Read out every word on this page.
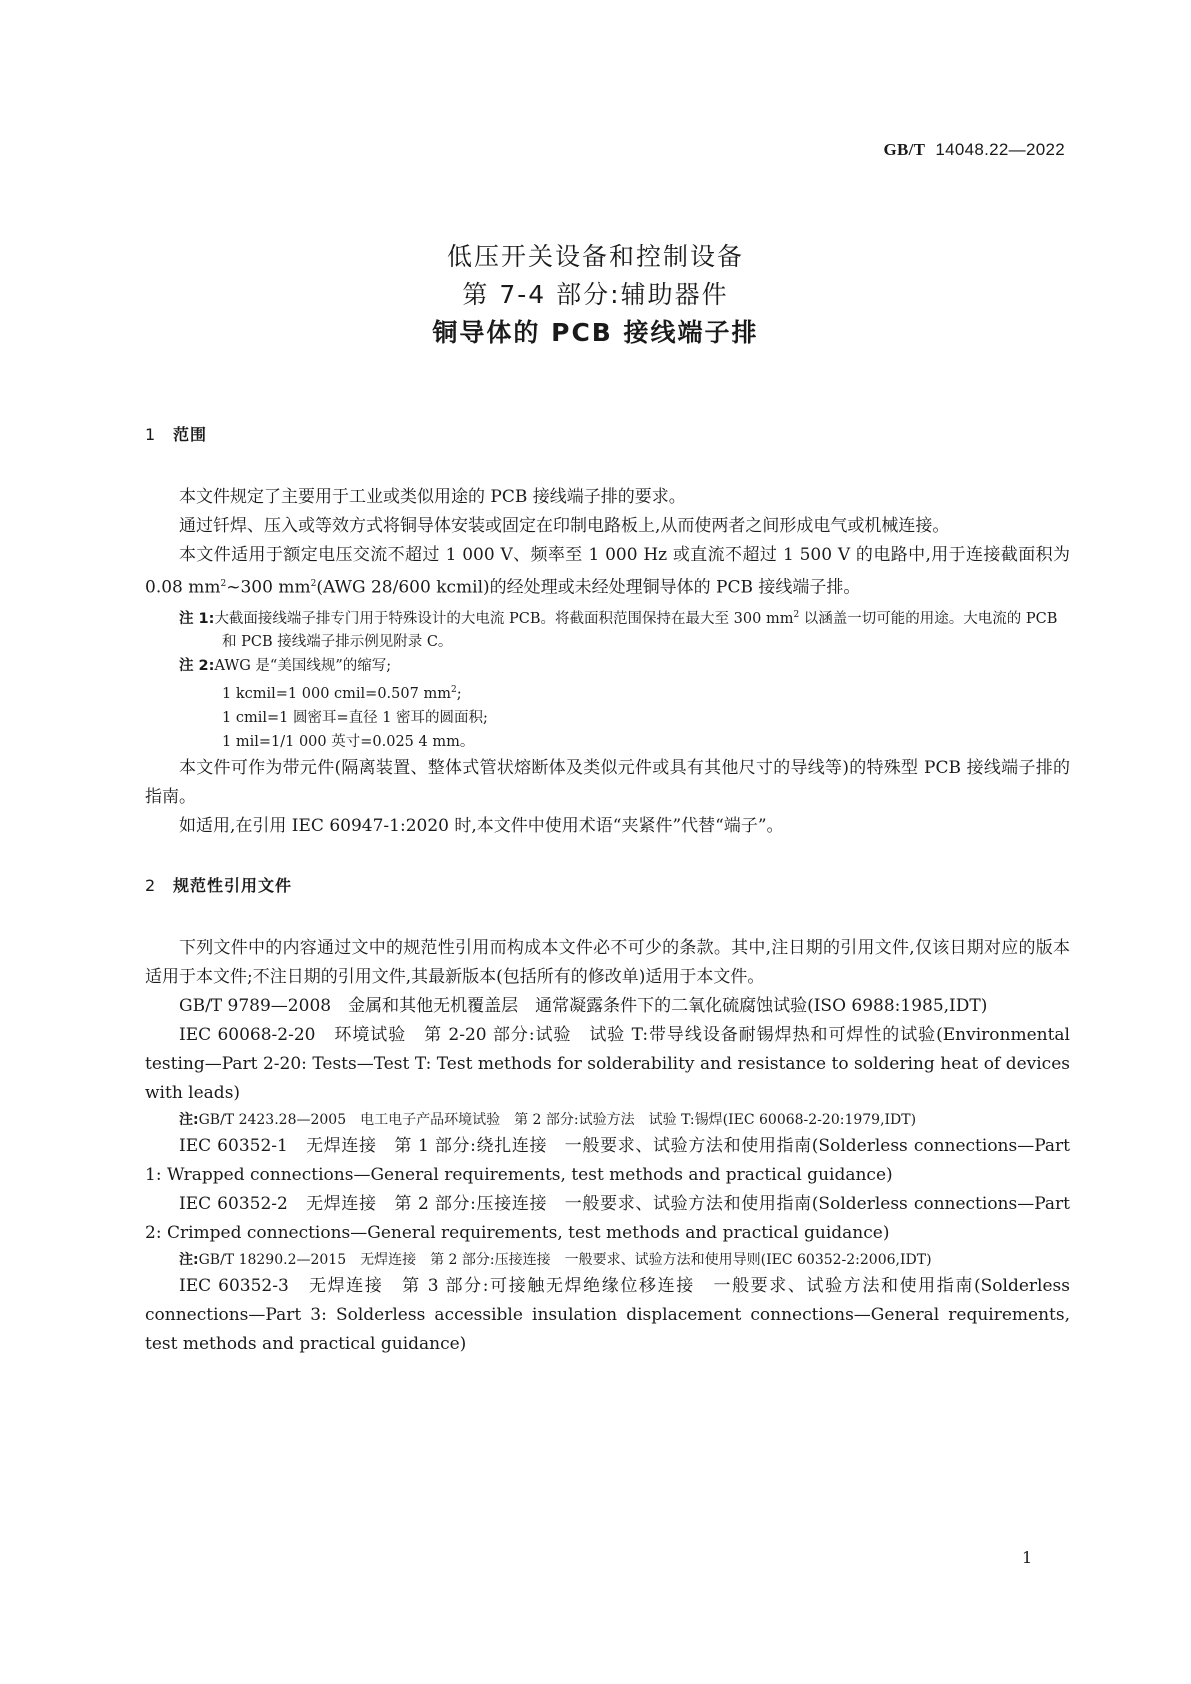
GB/T 14048.22—2022
低压开关设备和控制设备
第 7-4 部分:辅助器件
铜导体的 PCB 接线端子排
1 范围

本文件规定了主要用于工业或类似用途的 PCB 接线端子排的要求。

通过钎焊、压入或等效方式将铜导体安装或固定在印制电路板上,从而使两者之间形成电气或机械连接。

本文件适用于额定电压交流不超过 1 000 V、频率至 1 000 Hz 或直流不超过 1 500 V 的电路中,用于连接截面积为 0.08 $mm^2\sim 300$ $mm^2(AWG$ 28/600 kcmil)的经处理或未经处理铜导体的 PCB 接线端子排。

注 1:大截面接线端子排专门用于特殊设计的大电流 PCB。将截面积范围保持在最大至 300 $mm^2$ 以涵盖一切可能的用途。大电流的 PCB 和 PCB 接线端子排示例见附录 C。
注 2:AWG 是“美国线规”的缩写;
1 kcmil=1 000 cmil=0.507 $mm^2$;
1 cmil=1 圆密耳=直径 1 密耳的圆面积;
1 mil=1/1 000 英寸=0.025 4 mm。

本文件可作为带元件(隔离装置、整体式管状熔断体及类似元件或具有其他尺寸的导线等)的特殊型 PCB 接线端子排的指南。

如适用,在引用 IEC 60947-1:2020 时,本文件中使用术语“夹紧件”代替“端子”。

2 规范性引用文件

下列文件中的内容通过文中的规范性引用而构成本文件必不可少的条款。其中,注日期的引用文件,仅该日期对应的版本适用于本文件;不注日期的引用文件,其最新版本(包括所有的修改单)适用于本文件。

GB/T 9789—2008　金属和其他无机覆盖层　通常凝露条件下的二氧化硫腐蚀试验(ISO 6988:1985,IDT)

IEC 60068-2-20　环境试验　第 2-20 部分:试验　试验 T:带导线设备耐锡焊热和可焊性的试验(Environmental testing—Part 2-20: Tests—Test T: Test methods for solderability and resistance to soldering heat of devices with leads)

注:GB/T 2423.28—2005　电工电子产品环境试验　第 2 部分:试验方法　试验 T:锡焊(IEC 60068-2-20:1979,IDT)

IEC 60352-1　无焊连接　第 1 部分:绕扎连接　一般要求、试验方法和使用指南(Solderless connections—Part 1: Wrapped connections—General requirements, test methods and practical guidance)

IEC 60352-2　无焊连接　第 2 部分:压接连接　一般要求、试验方法和使用指南(Solderless connections—Part 2: Crimped connections—General requirements, test methods and practical guidance)

注:GB/T 18290.2—2015　无焊连接　第 2 部分:压接连接　一般要求、试验方法和使用导则(IEC 60352-2:2006,IDT)

IEC 60352-3　无焊连接　第 3 部分:可接触无焊绝缘位移连接　一般要求、试验方法和使用指南(Solderless connections—Part 3: Solderless accessible insulation displacement connections—General requirements, test methods and practical guidance)

1
